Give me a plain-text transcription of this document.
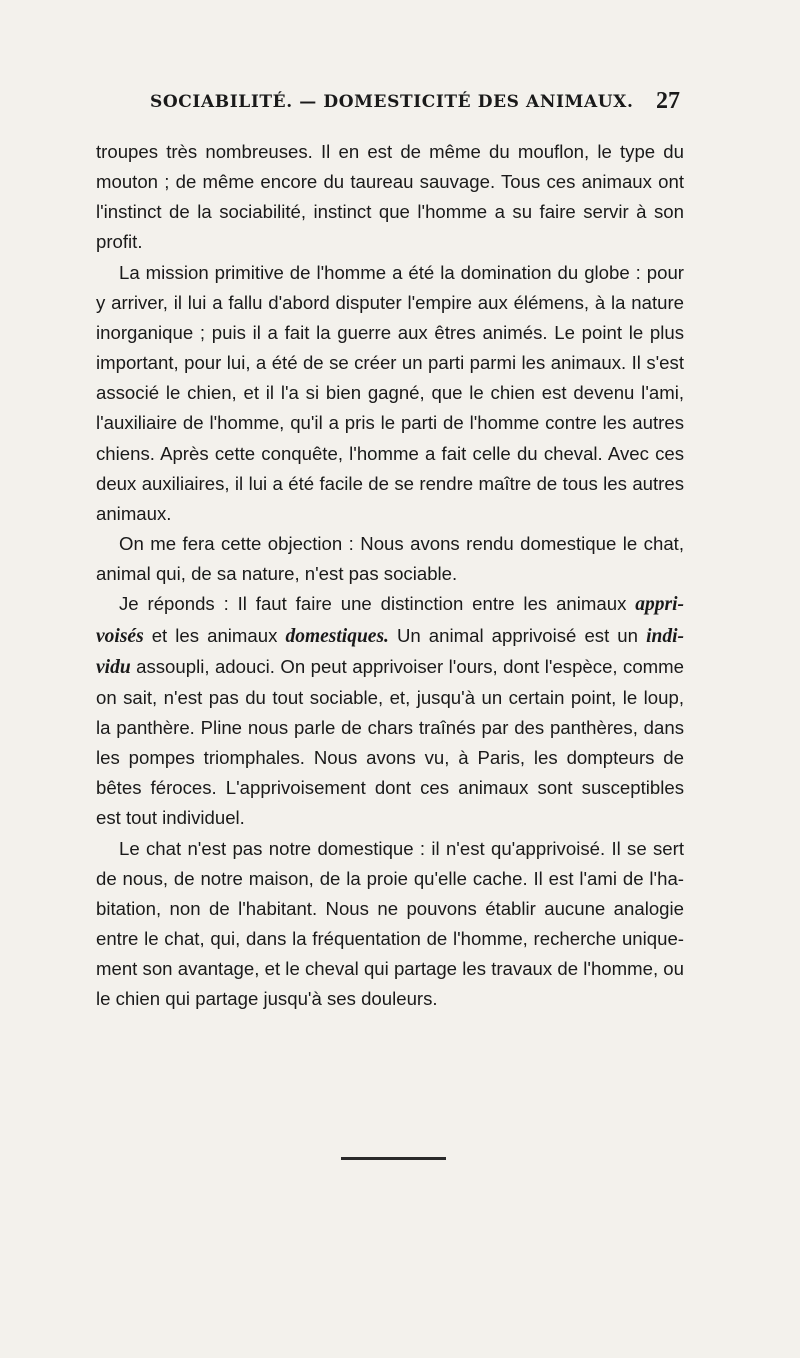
SOCIABILITÉ. — DOMESTICITÉ DES ANIMAUX. 27

troupes très nombreuses. Il en est de même du mouflon, le type du mouton ; de même encore du taureau sauvage. Tous ces animaux ont l'instinct de la sociabilité, instinct que l'homme a su faire servir à son profit.

La mission primitive de l'homme a été la domination du globe : pour y arriver, il lui a fallu d'abord disputer l'empire aux élémens, à la nature inorganique ; puis il a fait la guerre aux êtres animés. Le point le plus important, pour lui, a été de se créer un parti parmi les animaux. Il s'est associé le chien, et il l'a si bien gagné, que le chien est devenu l'ami, l'auxiliaire de l'homme, qu'il a pris le parti de l'homme contre les autres chiens. Après cette conquête, l'homme a fait celle du cheval. Avec ces deux auxiliaires, il lui a été facile de se rendre maître de tous les autres animaux.

On me fera cette objection : Nous avons rendu domestique le chat, animal qui, de sa nature, n'est pas sociable.

Je réponds : Il faut faire une distinction entre les animaux appri-voisés et les animaux domestiques. Un animal apprivoisé est un indi-vidu assoupli, adouci. On peut apprivoiser l'ours, dont l'espèce, comme on sait, n'est pas du tout sociable, et, jusqu'à un certain point, le loup, la panthère. Pline nous parle de chars traînés par des panthères, dans les pompes triomphales. Nous avons vu, à Paris, les dompteurs de bêtes féroces. L'apprivoisement dont ces animaux sont susceptibles est tout individuel.

Le chat n'est pas notre domestique : il n'est qu'apprivoisé. Il se sert de nous, de notre maison, de la proie qu'elle cache. Il est l'ami de l'ha-bitation, non de l'habitant. Nous ne pouvons établir aucune analogie entre le chat, qui, dans la fréquentation de l'homme, recherche unique-ment son avantage, et le cheval qui partage les travaux de l'homme, ou le chien qui partage jusqu'à ses douleurs.
